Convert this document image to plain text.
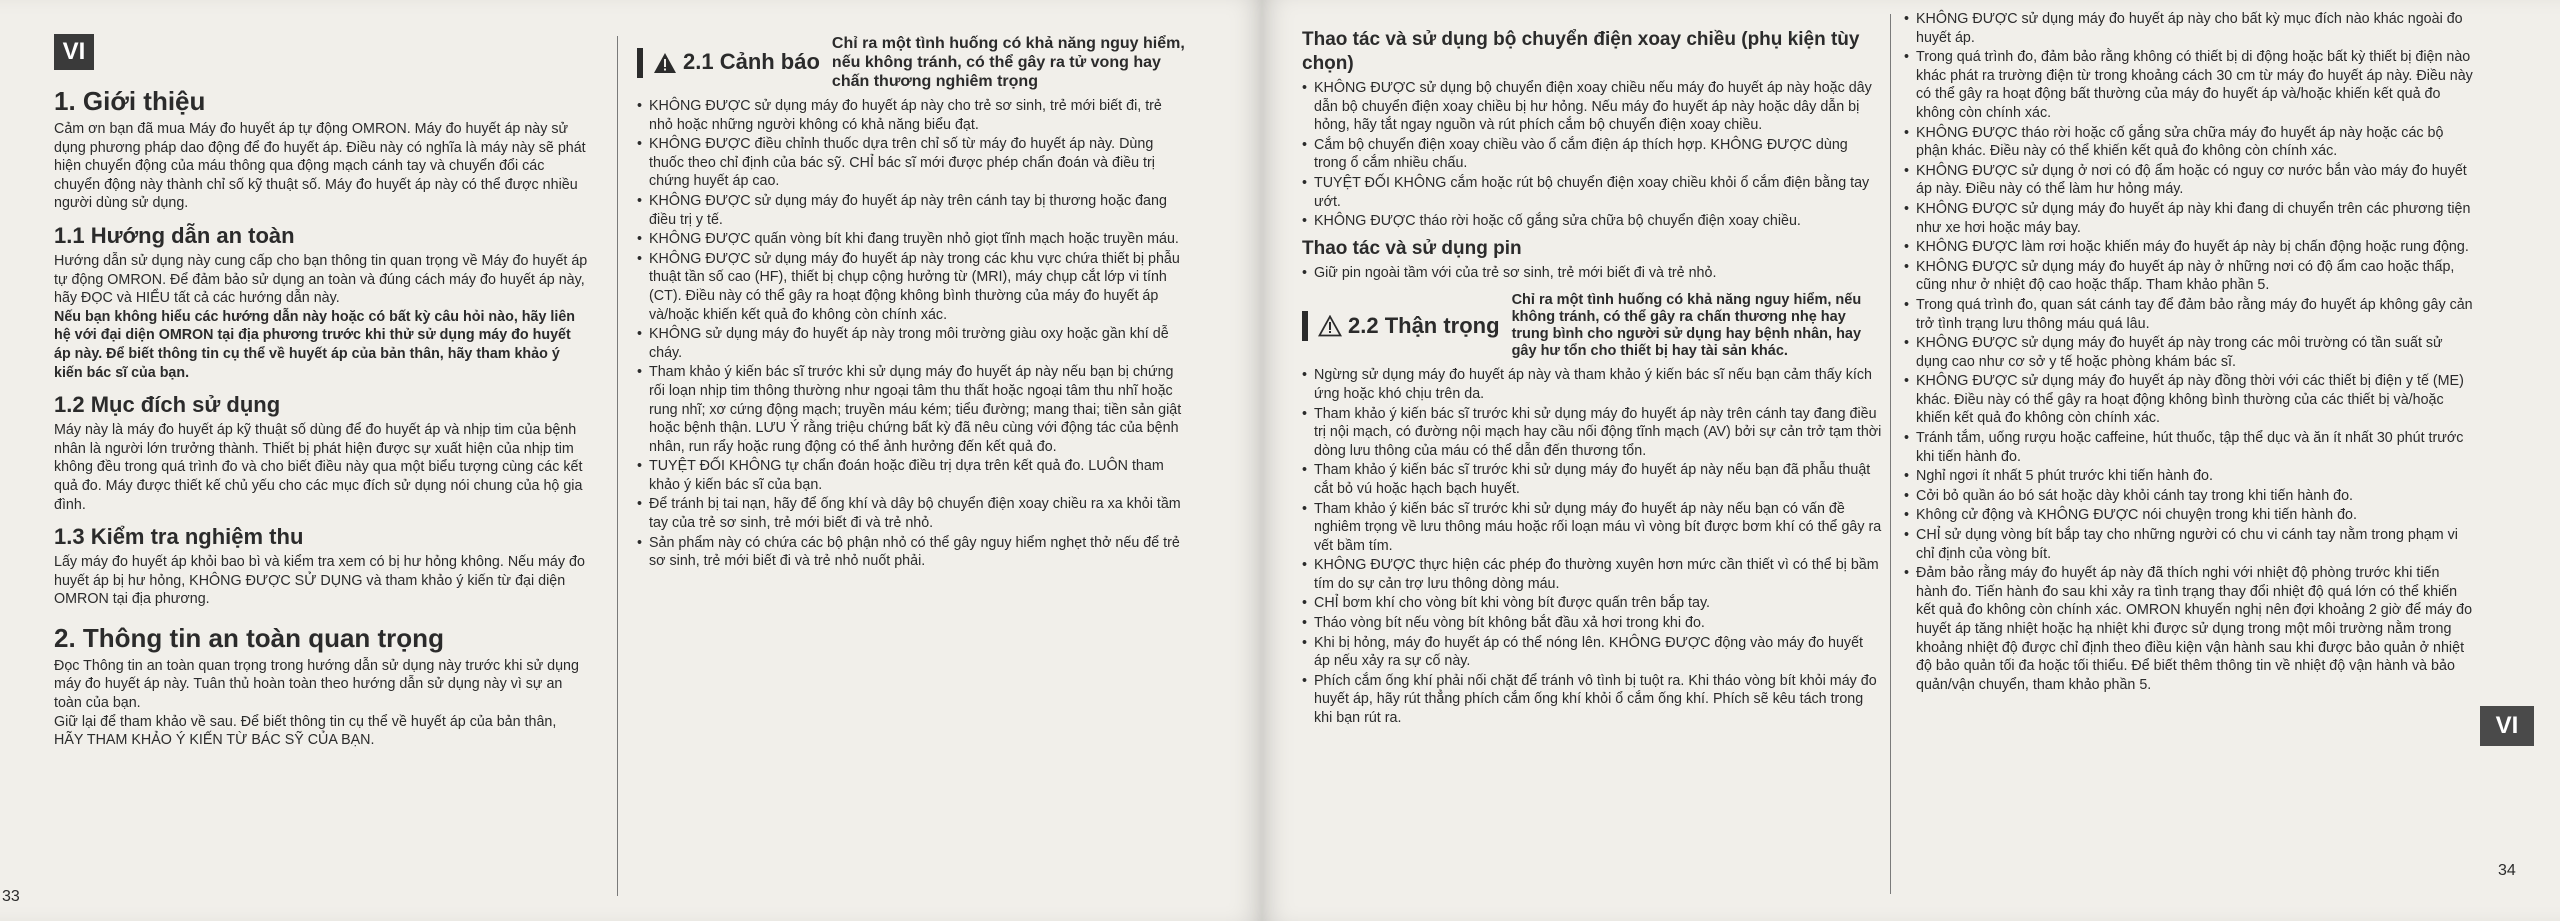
VI
1. Giới thiệu

Cảm ơn bạn đã mua Máy đo huyết áp tự động OMRON. Máy đo huyết áp này sử dụng phương pháp dao động để đo huyết áp. Điều này có nghĩa là máy này sẽ phát hiện chuyển động của máu thông qua động mạch cánh tay và chuyển đổi các chuyển động này thành chỉ số kỹ thuật số. Máy đo huyết áp này có thể được nhiều người dùng sử dụng.

1.1 Hướng dẫn an toàn

Hướng dẫn sử dụng này cung cấp cho bạn thông tin quan trọng về Máy đo huyết áp tự động OMRON. Để đảm bảo sử dụng an toàn và đúng cách máy đo huyết áp này, hãy ĐỌC và HIỂU tất cả các hướng dẫn này.

Nếu bạn không hiểu các hướng dẫn này hoặc có bất kỳ câu hỏi nào, hãy liên hệ với đại diện OMRON tại địa phương trước khi thử sử dụng máy đo huyết áp này. Để biết thông tin cụ thể về huyết áp của bản thân, hãy tham khảo ý kiến bác sĩ của bạn.

1.2 Mục đích sử dụng

Máy này là máy đo huyết áp kỹ thuật số dùng để đo huyết áp và nhịp tim của bệnh nhân là người lớn trưởng thành. Thiết bị phát hiện được sự xuất hiện của nhịp tim không đều trong quá trình đo và cho biết điều này qua một biểu tượng cùng các kết quả đo. Máy được thiết kế chủ yếu cho các mục đích sử dụng nói chung của hộ gia đình.

1.3 Kiểm tra nghiệm thu

Lấy máy đo huyết áp khỏi bao bì và kiểm tra xem có bị hư hỏng không. Nếu máy đo huyết áp bị hư hỏng, KHÔNG ĐƯỢC SỬ DỤNG và tham khảo ý kiến từ đại diện OMRON tại địa phương.

2. Thông tin an toàn quan trọng

Đọc Thông tin an toàn quan trọng trong hướng dẫn sử dụng này trước khi sử dụng máy đo huyết áp này. Tuân thủ hoàn toàn theo hướng dẫn sử dụng này vì sự an toàn của bạn.

Giữ lại để tham khảo về sau. Để biết thông tin cụ thể về huyết áp của bản thân, HÃY THAM KHẢO Ý KIẾN TỪ BÁC SỸ CỦA BẠN.

2.1 Cảnh báo
Chỉ ra một tình huống có khả năng nguy hiểm, nếu không tránh, có thể gây ra tử vong hay chấn thương nghiêm trọng
• KHÔNG ĐƯỢC sử dụng máy đo huyết áp này cho trẻ sơ sinh, trẻ mới biết đi, trẻ nhỏ hoặc những người không có khả năng biểu đạt.
• KHÔNG ĐƯỢC điều chỉnh thuốc dựa trên chỉ số từ máy đo huyết áp này. Dùng thuốc theo chỉ định của bác sỹ. CHỈ bác sĩ mới được phép chẩn đoán và điều trị chứng huyết áp cao.
• KHÔNG ĐƯỢC sử dụng máy đo huyết áp này trên cánh tay bị thương hoặc đang điều trị y tế.
• KHÔNG ĐƯỢC quấn vòng bít khi đang truyền nhỏ giọt tĩnh mạch hoặc truyền máu.
• KHÔNG ĐƯỢC sử dụng máy đo huyết áp này trong các khu vực chứa thiết bị phẫu thuật tần số cao (HF), thiết bị chụp cộng hưởng từ (MRI), máy chụp cắt lớp vi tính (CT). Điều này có thể gây ra hoạt động không bình thường của máy đo huyết áp và/hoặc khiến kết quả đo không còn chính xác.
• KHÔNG sử dụng máy đo huyết áp này trong môi trường giàu oxy hoặc gần khí dễ cháy.
• Tham khảo ý kiến bác sĩ trước khi sử dụng máy đo huyết áp này nếu bạn bị chứng rối loạn nhịp tim thông thường như ngoại tâm thu thất hoặc ngoại tâm thu nhĩ hoặc rung nhĩ; xơ cứng động mạch; truyền máu kém; tiểu đường; mang thai; tiền sản giật hoặc bệnh thận. LƯU Ý rằng triệu chứng bất kỳ đã nêu cùng với động tác của bệnh nhân, run rẩy hoặc rung động có thể ảnh hưởng đến kết quả đo.
• TUYỆT ĐỐI KHÔNG tự chẩn đoán hoặc điều trị dựa trên kết quả đo. LUÔN tham khảo ý kiến bác sĩ của bạn.
• Để tránh bị tai nạn, hãy để ống khí và dây bộ chuyển điện xoay chiều ra xa khỏi tầm tay của trẻ sơ sinh, trẻ mới biết đi và trẻ nhỏ.
• Sản phẩm này có chứa các bộ phận nhỏ có thể gây nguy hiểm nghẹt thở nếu để trẻ sơ sinh, trẻ mới biết đi và trẻ nhỏ nuốt phải.
33
Thao tác và sử dụng bộ chuyển điện xoay chiều (phụ kiện tùy chọn)
• KHÔNG ĐƯỢC sử dụng bộ chuyển điện xoay chiều nếu máy đo huyết áp này hoặc dây dẫn bộ chuyển điện xoay chiều bị hư hỏng. Nếu máy đo huyết áp này hoặc dây dẫn bị hỏng, hãy tắt ngay nguồn và rút phích cắm bộ chuyển điện xoay chiều.
• Cắm bộ chuyển điện xoay chiều vào ổ cắm điện áp thích hợp. KHÔNG ĐƯỢC dùng trong ổ cắm nhiều chấu.
• TUYỆT ĐỐI KHÔNG cắm hoặc rút bộ chuyển điện xoay chiều khỏi ổ cắm điện bằng tay ướt.
• KHÔNG ĐƯỢC tháo rời hoặc cố gắng sửa chữa bộ chuyển điện xoay chiều.
Thao tác và sử dụng pin
• Giữ pin ngoài tầm với của trẻ sơ sinh, trẻ mới biết đi và trẻ nhỏ.
2.2 Thận trọng
Chỉ ra một tình huống có khả năng nguy hiểm, nếu không tránh, có thể gây ra chấn thương nhẹ hay trung bình cho người sử dụng hay bệnh nhân, hay gây hư tổn cho thiết bị hay tài sản khác.
• Ngừng sử dụng máy đo huyết áp này và tham khảo ý kiến bác sĩ nếu bạn cảm thấy kích ứng hoặc khó chịu trên da.
• Tham khảo ý kiến bác sĩ trước khi sử dụng máy đo huyết áp này trên cánh tay đang điều trị nội mạch, có đường nội mạch hay cầu nối động tĩnh mạch (AV) bởi sự cản trở tạm thời dòng lưu thông của máu có thể dẫn đến thương tổn.
• Tham khảo ý kiến bác sĩ trước khi sử dụng máy đo huyết áp này nếu bạn đã phẫu thuật cắt bỏ vú hoặc hạch bạch huyết.
• Tham khảo ý kiến bác sĩ trước khi sử dụng máy đo huyết áp này nếu bạn có vấn đề nghiêm trọng về lưu thông máu hoặc rối loạn máu vì vòng bít được bơm khí có thể gây ra vết bầm tím.
• KHÔNG ĐƯỢC thực hiện các phép đo thường xuyên hơn mức cần thiết vì có thể bị bầm tím do sự cản trợ lưu thông dòng máu.
• CHỈ bơm khí cho vòng bít khi vòng bít được quấn trên bắp tay.
• Tháo vòng bít nếu vòng bít không bắt đầu xả hơi trong khi đo.
• Khi bị hỏng, máy đo huyết áp có thể nóng lên. KHÔNG ĐƯỢC động vào máy đo huyết áp nếu xảy ra sự cố này.
• Phích cắm ống khí phải nối chặt để tránh vô tình bị tuột ra. Khi tháo vòng bít khỏi máy đo huyết áp, hãy rút thẳng phích cắm ống khí khỏi ổ cắm ống khí. Phích sẽ kêu tách trong khi bạn rút ra.
• KHÔNG ĐƯỢC sử dụng máy đo huyết áp này cho bất kỳ mục đích nào khác ngoài đo huyết áp.
• Trong quá trình đo, đảm bảo rằng không có thiết bị di động hoặc bất kỳ thiết bị điện nào khác phát ra trường điện từ trong khoảng cách 30 cm từ máy đo huyết áp này. Điều này có thể gây ra hoạt động bất thường của máy đo huyết áp và/hoặc khiến kết quả đo không còn chính xác.
• KHÔNG ĐƯỢC tháo rời hoặc cố gắng sửa chữa máy đo huyết áp này hoặc các bộ phận khác. Điều này có thể khiến kết quả đo không còn chính xác.
• KHÔNG ĐƯỢC sử dụng ở nơi có độ ẩm hoặc có nguy cơ nước bắn vào máy đo huyết áp này. Điều này có thể làm hư hỏng máy.
• KHÔNG ĐƯỢC sử dụng máy đo huyết áp này khi đang di chuyển trên các phương tiện như xe hơi hoặc máy bay.
• KHÔNG ĐƯỢC làm rơi hoặc khiến máy đo huyết áp này bị chấn động hoặc rung động.
• KHÔNG ĐƯỢC sử dụng máy đo huyết áp này ở những nơi có độ ẩm cao hoặc thấp, cũng như ở nhiệt độ cao hoặc thấp. Tham khảo phần 5.
• Trong quá trình đo, quan sát cánh tay để đảm bảo rằng máy đo huyết áp không gây cản trở tình trạng lưu thông máu quá lâu.
• KHÔNG ĐƯỢC sử dụng máy đo huyết áp này trong các môi trường có tần suất sử dụng cao như cơ sở y tế hoặc phòng khám bác sĩ.
• KHÔNG ĐƯỢC sử dụng máy đo huyết áp này đồng thời với các thiết bị điện y tế (ME) khác. Điều này có thể gây ra hoạt động không bình thường của các thiết bị và/hoặc khiến kết quả đo không còn chính xác.
• Tránh tắm, uống rượu hoặc caffeine, hút thuốc, tập thể dục và ăn ít nhất 30 phút trước khi tiến hành đo.
• Nghỉ ngơi ít nhất 5 phút trước khi tiến hành đo.
• Cởi bỏ quần áo bó sát hoặc dày khỏi cánh tay trong khi tiến hành đo.
• Không cử động và KHÔNG ĐƯỢC nói chuyện trong khi tiến hành đo.
• CHỈ sử dụng vòng bít bắp tay cho những người có chu vi cánh tay nằm trong phạm vi chỉ định của vòng bít.
• Đảm bảo rằng máy đo huyết áp này đã thích nghi với nhiệt độ phòng trước khi tiến hành đo. Tiến hành đo sau khi xảy ra tình trạng thay đổi nhiệt độ quá lớn có thể khiến kết quả đo không còn chính xác. OMRON khuyến nghị nên đợi khoảng 2 giờ để máy đo huyết áp tăng nhiệt hoặc hạ nhiệt khi được sử dụng trong một môi trường nằm trong khoảng nhiệt độ được chỉ định theo điều kiện vận hành sau khi được bảo quản ở nhiệt độ bảo quản tối đa hoặc tối thiểu. Để biết thêm thông tin về nhiệt độ vận hành và bảo quản/vận chuyển, tham khảo phần 5.
VI
34
